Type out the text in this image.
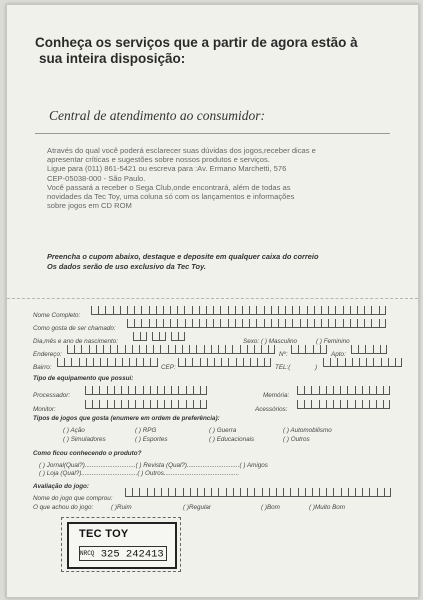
Conheça os serviços que a partir de agora estão à
sua inteira disposição:
Central de atendimento ao consumidor:
Através do qual você poderá esclarecer suas dúvidas dos jogos,receber dicas e
apresentar críticas e sugestões sobre nossos produtos e serviços.
Ligue para (011) 861-5421 ou escreva para :Av. Ermano Marchetti, 576
CEP-05038-000 - São Paulo.
Você passará a receber o Sega Club,onde encontrará, além de todas as
novidades da Tec Toy, uma coluna só com os lançamentos e informações
sobre jogos em CD ROM
Preencha o cupom abaixo, destaque e deposite em qualquer caixa do correio
Os dados serão de uso exclusivo da Tec Toy.
Nome Completo:
Como gosta de ser chamado:
Dia,mês e ano de nascimento:	Sexo: ( ) Masculino	( ) Feminino
Endereço:	Nº:	Apto:
Bairro:	CEP:	TEL:(	)
Tipo de equipamento que possui:
Processador:	Memória:
Monitor:	Acessórios:
Tipos de jogos que gosta (enumere em ordem de preferência):
( ) Ação	( ) RPG	( ) Guerra	( ) Automobilismo
( ) Simuladores	( ) Esportes	( ) Educacionais	( ) Outros
Como ficou conhecendo o produto?
( ) Jornal(Qual?).............................( ) Revista (Qual?)..............................( ) Amigos
( ) Loja (Qual?)................................( ) Outros...........................................
Avaliação do jogo:
Nome do jogo que comprou:
O que achou do jogo:	( )Ruim	( )Regular	( )Bom	( )Muito Bom
TEC TOY
NRCQ 325 242413
